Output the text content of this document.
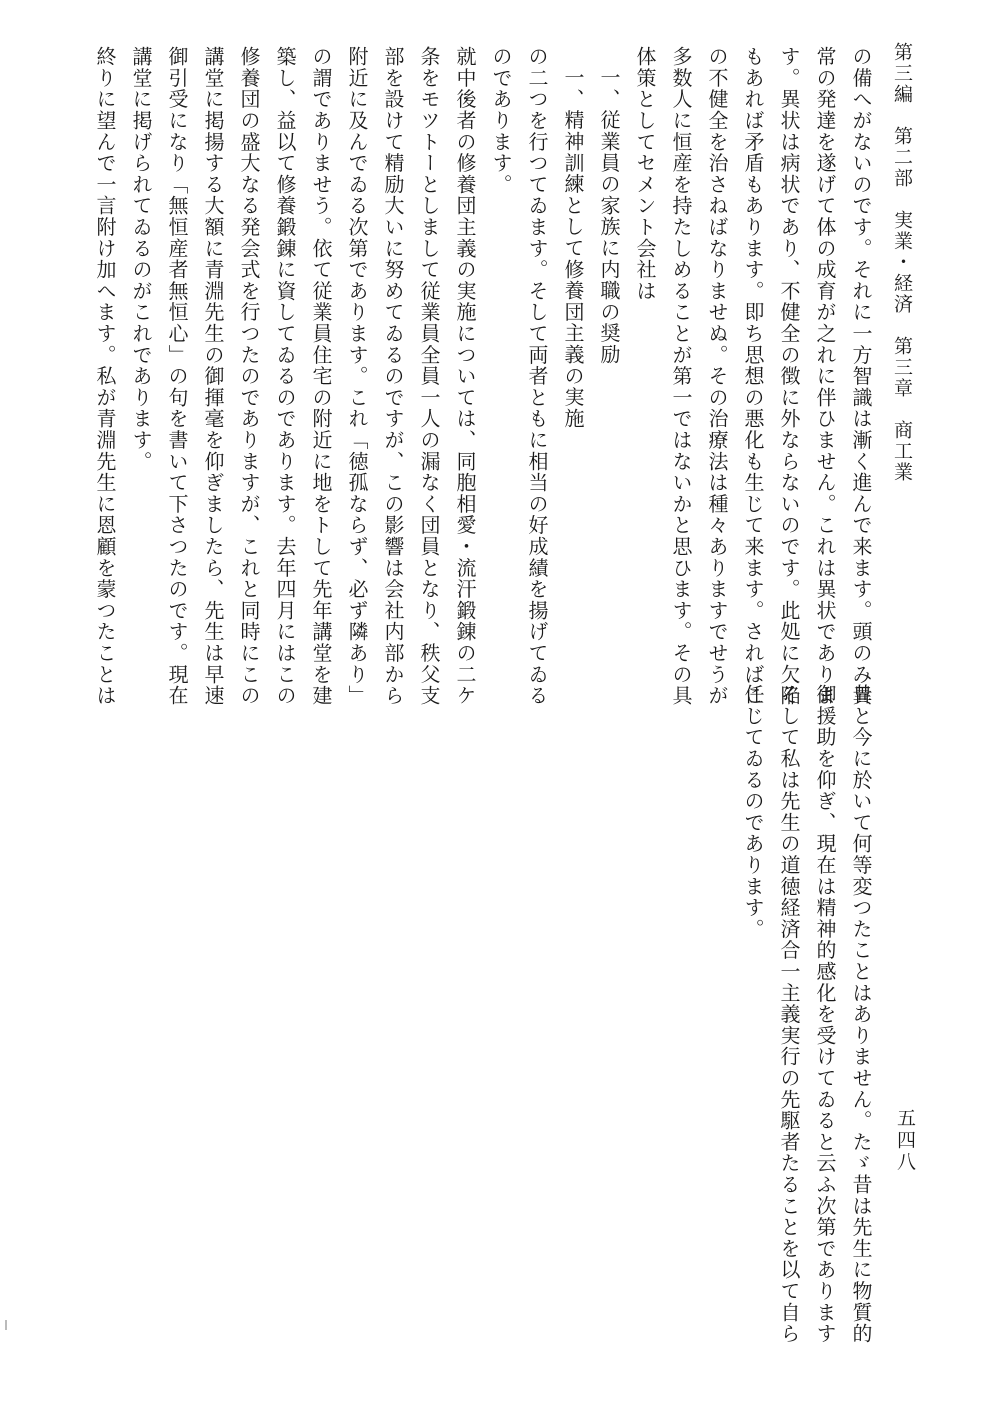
第三編　第二部　実業・経済　第三章　商工業
五四八

の備へがないのです。それに一方智識は漸く進んで来ます。頭のみ異

常の発達を遂げて体の成育が之れに伴ひません。これは異状でありま

す。異状は病状であり、不健全の徴に外ならないのです。此処に欠陥

もあれば矛盾もあります。即ち思想の悪化も生じて来ます。さればこ

の不健全を治さねばなりませぬ。その治療法は種々ありますでせうが

多数人に恒産を持たしめることが第一ではないかと思ひます。その具

体策としてセメント会社は

一、従業員の家族に内職の奨励

一、精神訓練として修養団主義の実施

の二つを行つてゐます。そして両者ともに相当の好成績を揚げてゐる

のであります。

就中後者の修養団主義の実施については、同胞相愛・流汗鍛錬の二ケ

条をモツトーとしまして従業員全員一人の漏なく団員となり、秩父支

部を設けて精励大いに努めてゐるのですが、この影響は会社内部から

附近に及んでゐる次第であります。これ「徳孤ならず、必ず隣あり」

の謂でありませう。依て従業員住宅の附近に地をトして先年講堂を建

築し、益以て修養鍛錬に資してゐるのであります。去年四月にはこの

修養団の盛大なる発会式を行つたのでありますが、これと同時にこの

講堂に掲揚する大額に青淵先生の御揮毫を仰ぎましたら、先生は早速

御引受になり「無恒産者無恒心」の句を書いて下さつたのです。現在

講堂に掲げられてゐるのがこれであります。

終りに望んで一言附け加へます。私が青淵先生に恩顧を蒙つたことは

昔と今に於いて何等変つたことはありません。たゞ昔は先生に物質的

御援助を仰ぎ、現在は精神的感化を受けてゐると云ふ次第であります

そして私は先生の道徳経済合一主義実行の先駆者たることを以て自ら

任じてゐるのであります。
